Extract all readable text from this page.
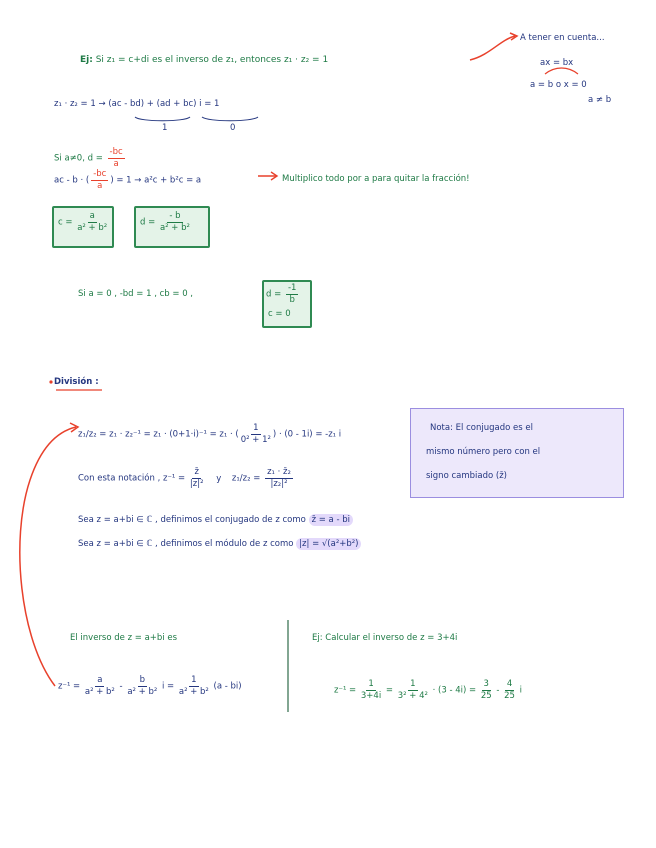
Ej: Si z₁ = c+di es el inverso de z₁, entonces z₁ · z₂ = 1
A tener en cuenta...
ax = bx
a = b o x = 0
a ≠ b
z₁ · z₂ = 1 → (ac - bd) + (ad + bc) i = 1
1	0
Si a≠0, $d = \frac{-bc}{a}$
ac - b · ( $\frac{-bc}{a}$ ) = 1 → a²c + b²c = a	Multiplico todo por a para quitar la fracción!
$c = \frac{a}{\text{a² + b²}}$	$d = \frac{- b}{\text{a² + b²}}$
Si a = 0 , -bd = 1 , cb = 0 ,	$d = \frac{-1}{b}$
c = 0
División :
z₁/z₂ = z₁ · z₂⁻¹ = z₁ · (0+1·i)⁻¹ = z₁ · ( $\frac{1}{\text{0² + 1²}}$ ) · (0 - 1i) = -z₁ i
Nota: El conjugado es el
mismo número pero con el
signo cambiado (z̄)
Con esta notación , $z^{-1} = \frac{z̄}{\text{|z|²}}$ y $z_1/z_2 = \frac{\text{z₁ · z̄₂}}{\text{|z₂|²}}$
Sea z = a+bi ∈ ℂ , definimos el conjugado de z como z̄ = a - bi
Sea z = a+bi ∈ ℂ , definimos el módulo de z como |z| = √(a²+b²)
El inverso de z = a+bi es
$z^{-1} = \frac{a}{\text{a² + b²}} - \frac{b}{\text{a² + b²}}$ $i = \frac{1}{\text{a² + b²}} (a - bi)$
Ej: Calcular el inverso de z = 3+4i
$z^{-1} = \frac{1}{3+4i} = \frac{1}{\text{3² + 4²}} \cdot (3 - 4i) = \frac{3}{25} - \frac{4}{25}$ i
